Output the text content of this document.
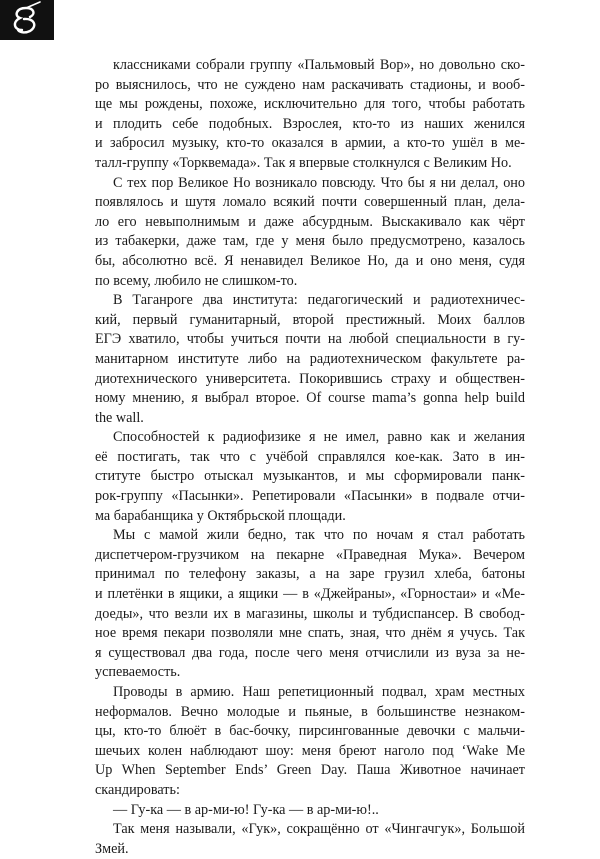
классниками собрали группу «Пальмовый Вор», но довольно ско-
ро выяснилось, что не суждено нам раскачивать стадионы, и вооб-
ще мы рождены, похоже, исключительно для того, чтобы работать
и плодить себе подобных. Взрослея, кто-то из наших женился
и забросил музыку, кто-то оказался в армии, а кто-то ушёл в ме-
талл-группу «Торквемада». Так я впервые столкнулся с Великим Но.
С тех пор Великое Но возникало повсюду. Что бы я ни делал, оно
появлялось и шутя ломало всякий почти совершенный план, дела-
ло его невыполнимым и даже абсурдным. Выскакивало как чёрт
из табакерки, даже там, где у меня было предусмотрено, казалось
бы, абсолютно всё. Я ненавидел Великое Но, да и оно меня, судя
по всему, любило не слишком-то.
В Таганроге два института: педагогический и радиотехничес-
кий, первый гуманитарный, второй престижный. Моих баллов
ЕГЭ хватило, чтобы учиться почти на любой специальности в гу-
манитарном институте либо на радиотехническом факультете ра-
диотехнического университета. Покорившись страху и обществен-
ному мнению, я выбрал второе. Of course mama’s gonna help build
the wall.
Способностей к радиофизике я не имел, равно как и желания
её постигать, так что с учёбой справлялся кое-как. Зато в ин-
ституте быстро отыскал музыкантов, и мы сформировали панк-
рок-группу «Пасынки». Репетировали «Пасынки» в подвале отчи-
ма барабанщика у Октябрьской площади.
Мы с мамой жили бедно, так что по ночам я стал работать
диспетчером-грузчиком на пекарне «Праведная Мука». Вечером
принимал по телефону заказы, а на заре грузил хлеба, батоны
и плетёнки в ящики, а ящики — в «Джейраны», «Горностаи» и «Ме-
доеды», что везли их в магазины, школы и тубдиспансер. В свобод-
ное время пекари позволяли мне спать, зная, что днём я учусь. Так
я существовал два года, после чего меня отчислили из вуза за не-
успеваемость.
Проводы в армию. Наш репетиционный подвал, храм местных
неформалов. Вечно молодые и пьяные, в большинстве незнаком-
цы, кто-то блюёт в бас-бочку, пирсингованные девочки с мальчи-
шечьих колен наблюдают шоу: меня бреют наголо под ‘Wake Me
Up When September Ends’ Green Day. Паша Животное начинает
скандировать:
— Гу-ка — в ар-ми-ю! Гу-ка — в ар-ми-ю!..
Так меня называли, «Гук», сокращённо от «Чингачгук», Большой
Змей.
